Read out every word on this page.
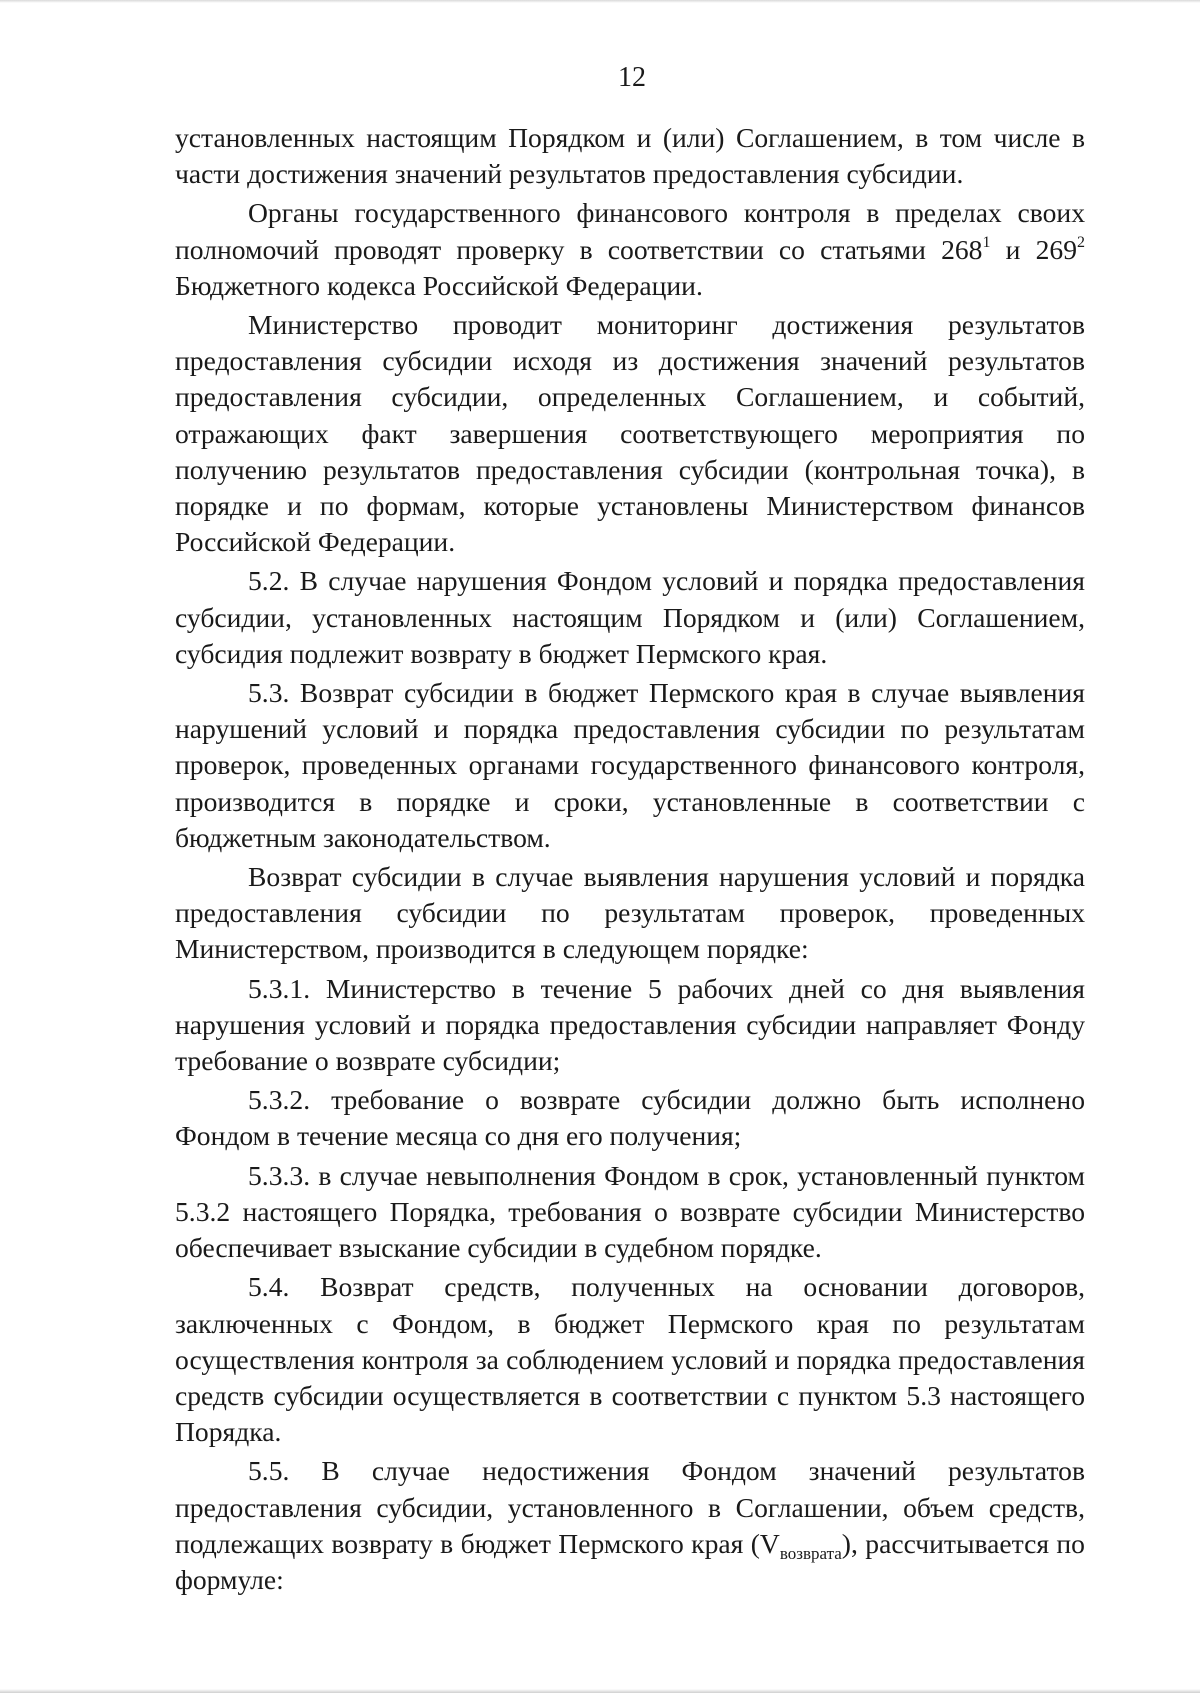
12

установленных настоящим Порядком и (или) Соглашением, в том числе в части достижения значений результатов предоставления субсидии.

Органы государственного финансового контроля в пределах своих полномочий проводят проверку в соответствии со статьями $268^1$ и $269^2$ Бюджетного кодекса Российской Федерации.

Министерство проводит мониторинг достижения результатов предоставления субсидии исходя из достижения значений результатов предоставления субсидии, определенных Соглашением, и событий, отражающих факт завершения соответствующего мероприятия по получению результатов предоставления субсидии (контрольная точка), в порядке и по формам, которые установлены Министерством финансов Российской Федерации.

5.2. В случае нарушения Фондом условий и порядка предоставления субсидии, установленных настоящим Порядком и (или) Соглашением, субсидия подлежит возврату в бюджет Пермского края.

5.3. Возврат субсидии в бюджет Пермского края в случае выявления нарушений условий и порядка предоставления субсидии по результатам проверок, проведенных органами государственного финансового контроля, производится в порядке и сроки, установленные в соответствии с бюджетным законодательством.

Возврат субсидии в случае выявления нарушения условий и порядка предоставления субсидии по результатам проверок, проведенных Министерством, производится в следующем порядке:

5.3.1. Министерство в течение 5 рабочих дней со дня выявления нарушения условий и порядка предоставления субсидии направляет Фонду требование о возврате субсидии;

5.3.2. требование о возврате субсидии должно быть исполнено Фондом в течение месяца со дня его получения;

5.3.3. в случае невыполнения Фондом в срок, установленный пунктом 5.3.2 настоящего Порядка, требования о возврате субсидии Министерство обеспечивает взыскание субсидии в судебном порядке.

5.4. Возврат средств, полученных на основании договоров, заключенных с Фондом, в бюджет Пермского края по результатам осуществления контроля за соблюдением условий и порядка предоставления средств субсидии осуществляется в соответствии с пунктом 5.3 настоящего Порядка.

5.5. В случае недостижения Фондом значений результатов предоставления субсидии, установленного в Соглашении, объем средств, подлежащих возврату в бюджет Пермского края $(V_{возврата})$, рассчитывается по формуле:
